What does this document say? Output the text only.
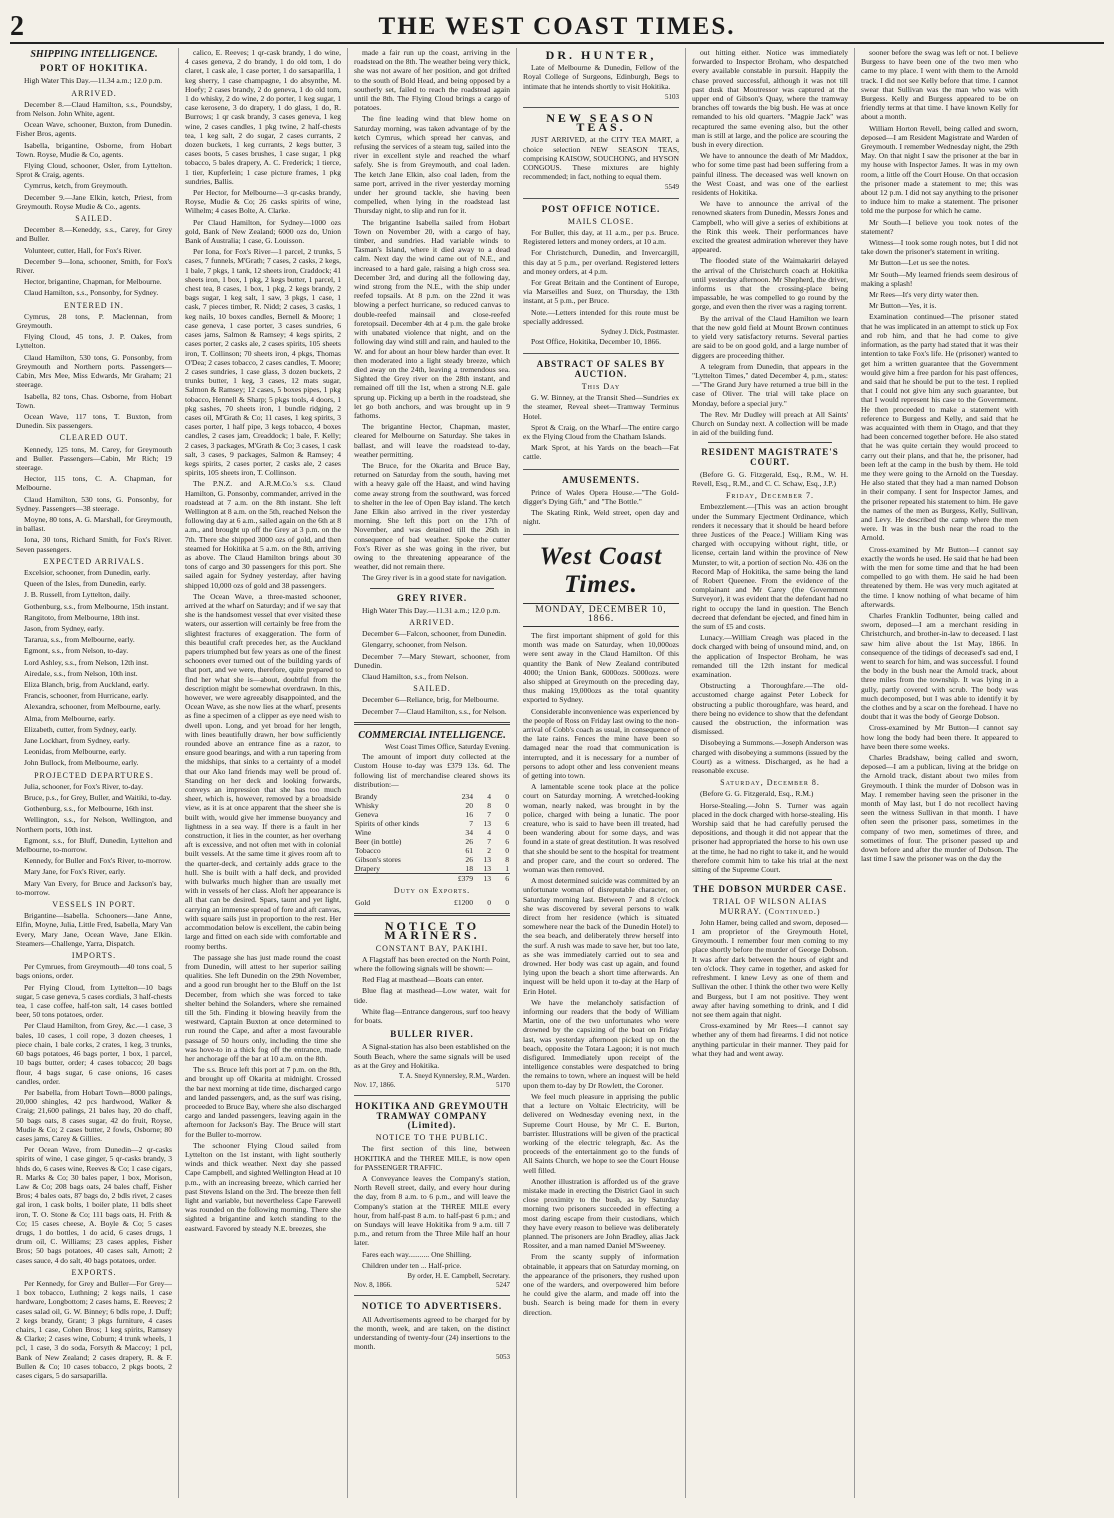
2	THE WEST COAST TIMES.
SHIPPING INTELLIGENCE.
PORT OF HOKITIKA.

High Water This Day.—11.34 a.m.; 12.0 p.m.

ARRIVED.

December 8.—Claud Hamilton, s.s., Poundsby, from Nelson. John White, agent.

Ocean Wave, schooner, Buxton, from Dunedin. Fisher Bros, agents.

Isabella, brigantine, Osborne, from Hobart Town. Royse, Mudie & Co, agents.

Flying Cloud, schooner, Osler, from Lyttelton. Sprot & Craig, agents.

Cymrrus, ketch, from Greymouth.

December 9.—Jane Elkin, ketch, Priest, from Greymouth. Royse Mudie & Co., agents.

SAILED.

December 8.—Keneddy, s.s., Carey, for Grey and Buller.

Volunteer, cutter, Hall, for Fox's River.

December 9—Iona, schooner, Smith, for Fox's River.

Hector, brigantine, Chapman, for Melbourne.

Claud Hamilton, s.s., Ponsonby, for Sydney.

ENTERED IN.

Cymrus, 28 tons, P. Maclennan, from Greymouth.

Flying Cloud, 45 tons, J. P. Oakes, from Lyttelton.

Claud Hamilton, 530 tons, G. Ponsonby, from Greymouth and Northern ports. Passengers—Cabin, Mrs Mee, Miss Edwards, Mr Graham; 21 steerage.

Isabella, 82 tons, Chas. Osborne, from Hobart Town.

Ocean Wave, 117 tons, T. Buxton, from Dunedin. Six passengers.

CLEARED OUT.

Kennedy, 125 tons, M. Carey, for Greymouth and Buller. Passengers—Cabin, Mr Rich; 19 steerage.

Hector, 115 tons, C. A. Chapman, for Melbourne.

Claud Hamilton, 530 tons, G. Ponsonby, for Sydney. Passengers—38 steerage.

Moyne, 80 tons, A. G. Marshall, for Greymouth, in ballast.

Iona, 30 tons, Richard Smith, for Fox's River. Seven passengers.

EXPECTED ARRIVALS.

Excelsior, schooner, from Dunedin, early.

Queen of the Isles, from Dunedin, early.

J. B. Russell, from Lyttelton, daily.

Gothenburg, s.s., from Melbourne, 15th instant.

Rangitoto, from Melbourne, 18th inst.

Jason, from Sydney, early.

Tararua, s.s., from Melbourne, early.

Egmont, s.s., from Nelson, to-day.

Lord Ashley, s.s., from Nelson, 12th inst.

Airedale, s.s., from Nelson, 10th inst.

Eliza Blanch, brig, from Auckland, early.

Francis, schooner, from Hurricane, early.

Alexandra, schooner, from Melbourne, early.

Alma, from Melbourne, early.

Elizabeth, cutter, from Sydney, early.

Jane Lockhart, from Sydney, early.

Leonidas, from Melbourne, early.

John Bullock, from Melbourne, early.

PROJECTED DEPARTURES.

Julia, schooner, for Fox's River, to-day.

Bruce, p.s., for Grey, Buller, and Waitiki, to-day.

Gothenburg, s.s., for Melbourne, 16th inst.

Wellington, s.s., for Nelson, Wellington, and Northern ports, 10th inst.

Egmont, s.s., for Bluff, Dunedin, Lyttelton and Melbourne, to-morrow.

Kennedy, for Buller and Fox's River, to-morrow.

Mary Jane, for Fox's River, early.

Mary Van Every, for Bruce and Jackson's bay, to-morrow.

VESSELS IN PORT.

Brigantine—Isabella. Schooners—Jane Anne, Elfin, Moyne, Julia, Little Fred, Isabella, Mary Van Every, Mary Jane, Ocean Wave, Jane Elkin. Steamers—Challenge, Yarra, Dispatch.

IMPORTS.

Per Cymrues, from Greymouth—40 tons coal, 5 bags onions, order.

Per Flying Cloud, from Lyttelton—10 bags sugar, 5 case geneva, 5 cases cordials, 3 half-chests tea, 1 case coffee, half-ton salt, 14 cases bottled beer, 50 tons potatoes, order.

Per Claud Hamilton, from Grey, &c.—1 case, 3 bales, 10 cases, 1 coil rope, 3 dozen cheeses, 1 piece chain, 1 bale corks, 2 crates, 1 keg, 3 trunks, 60 bags potatoes, 46 bags porter, 1 box, 1 parcel, 10 bags butter, order; 4 cases tobacco; 20 bags flour, 4 bags sugar, 6 case onions, 16 cases candles, order.

Per Isabella, from Hobart Town—8000 palings, 20,000 shingles, 42 pcs hardwood, Walker & Craig; 21,600 palings, 21 bales hay, 20 do chaff, 50 bags oats, 8 cases sugar, 42 do fruit, Royse, Mudie & Co; 2 cases butter, 2 fowls, Osborne; 80 cases jams, Carey & Gillies.

Per Ocean Wave, from Dunedin—2 qr-casks spirits of wine, 1 case ginger, 5 qr-casks brandy, 3 hhds do, 6 cases wine, Reeves & Co; 1 case cigars, R. Marks & Co; 30 bales paper, 1 box, Morison, Law & Co; 208 bags oats, 24 bales chaff, Fisher Bros; 4 bales oats, 87 bags do, 2 bdls rivet, 2 cases gal iron, 1 cask bolts, 1 boiler plate, 11 bdls sheet iron, T. O. Stone & Co; 111 bags oats, H. Frith & Co; 15 cases cheese, A. Boyle & Co; 5 cases drugs, 1 do bottles, 1 do acid, 6 cases drugs, 1 drum oil, C. Williams; 23 cases apples, Fisher Bros; 50 bags potatoes, 40 cases salt, Arnott; 2 cases sauce, 4 do salt, 40 bags potatoes, order.

EXPORTS.

Per Kennedy, for Grey and Buller—For Grey—1 box tobacco, Luthning; 2 kegs nails, 1 case hardware, Longbottom; 2 cases hams, E. Reeves; 2 cases salad oil, G. W. Binney; 6 bdls rope, J. Duff; 2 kegs brandy, Grant; 3 pkgs furniture, 4 cases chairs, 1 case, Cohen Bros; 1 keg spirits, Ramsey & Clarke; 2 cases wine, Coburn; 4 trunk wheels, 1 pcl, 1 case, 3 do soda, Forsyth & Maccoy; 1 pcl, Bank of New Zealand; 2 cases drapery, R. & F. Bullen & Co; 10 cases tobacco, 2 pkgs boots, 2 cases cigars, 5 do sarsaparilla.

calico, E. Reeves; 1 qr-cask brandy, 1 do wine, 4 cases geneva, 2 do brandy, 1 do old tom, 1 do claret, 1 cask ale, 1 case porter, 1 do sarsaparilla, 1 keg sherry, 1 case champagne, 1 do absynthe, M. Hoefy; 2 cases brandy, 2 do geneva, 1 do old tom, 1 do whisky, 2 do wine, 2 do porter, 1 keg sugar, 1 case kerosene, 3 do drapery, 1 do glass, 1 do, R. Burrows; 1 qr cask brandy, 3 cases geneva, 1 keg wine, 2 cases candles, 1 pkg twine, 2 half-chests tea, 1 keg salt, 2 do sugar, 2 cases currants, 2 dozen buckets, 1 keg currants, 2 kegs butter, 3 cases boots, 5 cases brushes, 1 case sugar, 1 pkg tobacco, 5 bales drapery, A. C. Frederick; 1 tierce, 1 tier, Kupferlein; 1 case picture frames, 1 pkg sundries, Ballis.

Per Hector, for Melbourne—3 qr-casks brandy, Royse, Mudie & Co; 26 casks spirits of wine, Wilhelm; 4 cases Bolte, A. Clarke.

Per Claud Hamilton, for Sydney—1000 ozs gold, Bank of New Zealand; 6000 ozs do, Union Bank of Australia; 1 case, G. Louisson.

Per Iona, for Fox's River—1 parcel, 2 trunks, 5 cases, 7 funnels, M'Grath; 7 cases, 2 casks, 2 kegs, 1 bale, 7 pkgs, 1 tank, 12 sheets iron, Craddock; 41 sheets iron, 1 box, 1 pkg, 2 kegs butter, 1 parcel, 1 chest tea, 8 cases, 1 box, 1 pkg, 2 kegs brandy, 2 bags sugar, 1 keg salt, 1 saw, 3 pkgs, 1 case, 1 cask, 7 pieces timber, R. Nidd; 2 cases, 3 casks, 1 keg nails, 10 boxes candles, Bernell & Moore; 1 case geneva, 1 case porter, 3 cases sundries, 6 cases jams, Salmon & Ramsey; 4 kegs spirits, 2 cases porter, 2 casks ale, 2 cases spirits, 105 sheets iron, T. Collinson; 70 sheets iron, 4 pkgs, Thomas O'Dea; 2 cases tobacco, 2 cases candles, T. Moore; 2 cases sundries, 1 case glass, 3 dozen buckets, 2 trunks butter, 1 keg, 3 cases, 12 mats sugar, Salmon & Ramsey; 12 cases, 5 boxes pipes, 1 pkg tobacco, Hennell & Sharp; 5 pkgs tools, 4 doors, 1 pkg sashes, 70 sheets iron, 1 bundle ridging, 2 cases oil, M'Grath & Co; 11 cases, 1 keg spirits, 3 cases porter, 1 half pipe, 3 kegs tobacco, 4 boxes candles, 2 cases jam, Creaddock; 1 bale, F. Kelly; 2 cases, 3 packages, M'Grath & Co; 3 cases, 1 cask salt, 3 cases, 9 packages, Salmon & Ramsey; 4 kegs spirits, 2 cases porter, 2 casks ale, 2 cases spirits, 105 sheets iron, T. Collinson.

The P.N.Z. and A.R.M.Co.'s s.s. Claud Hamilton, G. Ponsonby, commander, arrived in the roadstead at 7 a.m. on the 8th instant. She left Wellington at 8 a.m. on the 5th, reached Nelson the following day at 6 a.m., sailed again on the 6th at 8 a.m., and brought up off the Grey at 3 p.m. on the 7th. There she shipped 3000 ozs of gold, and then steamed for Hokitika at 5 a.m. on the 8th, arriving as above. The Claud Hamilton brings about 30 tons of cargo and 30 passengers for this port. She sailed again for Sydney yesterday, after having shipped 10,000 ozs of gold and 38 passengers.

The Ocean Wave, a three-masted schooner, arrived at the wharf on Saturday; and if we say that she is the handsomest vessel that ever visited these waters, our assertion will certainly be free from the slightest fractures of exaggeration. The form of this beautiful craft precedes her, as the Auckland papers triumphed but few years as one of the finest schooners ever turned out of the building yards of that port, and we were, therefore, quite prepared to find her what she is—about, doubtful from the description might be somewhat overdrawn. In this, however, we were agreeably disappointed, and the Ocean Wave, as she now lies at the wharf, presents as fine a specimen of a clipper as eye need wish to dwell upon. Long, and yet broad for her length, with lines beautifully drawn, her bow sufficiently rounded above an entrance fine as a razor, to ensure good bearings, and with a run tapering from the midships, that sinks to a certainty of a model that our Ako land friends may well be proud of. Standing on her deck and looking forwards, conveys an impression that she has too much sheer, which is, however, removed by a broadside view, as it is at once apparent that the sheer she is built with, would give her immense buoyancy and lightness in a sea way. If there is a fault in her construction, it lies in the counter, as her overhang aft is excessive, and not often met with in colonial built vessels. At the same time it gives room aft to the quarter-deck, and certainly adds grace to the hull. She is built with a half deck, and provided with bulwarks much higher than are usually met with in vessels of her class. Aloft her appearance is all that can be desired. Spars, taunt and yet light, carrying an immense spread of fore and aft canvas, with square sails just in proportion to the rest. Her accommodation below is excellent, the cabin being large and fitted on each side with comfortable and roomy berths.

The passage she has just made round the coast from Dunedin, will attest to her superior sailing qualities. She left Dunedin on the 29th November, and a good run brought her to the Bluff on the 1st December, from which she was forced to take shelter behind the Solanders, where she remained till the 5th. Finding it blowing heavily from the westward, Captain Buxton at once determined to run round the Cape, and after a most favourable passage of 50 hours only, including the time she was hove-to in a thick fog off the entrance, made her anchorage off the bar at 10 a.m. on the 8th.

The s.s. Bruce left this port at 7 p.m. on the 8th, and brought up off Okarita at midnight. Crossed the bar next morning at tide time, discharged cargo and landed passengers, and, as the surf was rising, proceeded to Bruce Bay, where she also discharged cargo and landed passengers, leaving again in the afternoon for Jackson's Bay. The Bruce will start for the Buller to-morrow.

The schooner Flying Cloud sailed from Lyttelton on the 1st instant, with light southerly winds and thick weather. Next day she passed Cape Campbell, and sighted Wellington Head at 10 p.m., with an increasing breeze, which carried her past Stevens Island on the 3rd. The breeze then fell light and variable, but nevertheless Cape Farewell was rounded on the following morning. There she sighted a brigantine and ketch standing to the eastward. Favored by steady N.E. breezes, she

made a fair run up the coast, arriving in the roadstead on the 8th. The weather being very thick, she was not aware of her position, and got drifted to the south of Bold Head, and being opposed by a southerly set, failed to reach the roadstead again until the 8th. The Flying Cloud brings a cargo of potatoes.

The fine leading wind that blew home on Saturday morning, was taken advantage of by the ketch Cymrus, which spread her canvas, and refusing the services of a steam tug, sailed into the river in excellent style and reached the wharf safely. She is from Greymouth, and coal laden. The ketch Jane Elkin, also coal laden, from the same port, arrived in the river yesterday morning under her ground tackle, she having been compelled, when lying in the roadstead last Thursday night, to slip and run for it.

The brigantine Isabella sailed from Hobart Town on November 20, with a cargo of hay, timber, and sundries. Had variable winds to Tasman's Island, where it died away to a dead calm. Next day the wind came out of N.E., and increased to a hard gale, raising a high cross sea. December 3rd, and during all the following day, wind strong from the N.E., with the ship under reefed topsails. At 8 p.m. on the 22nd it was blowing a perfect hurricane, so reduced canvas to double-reefed mainsail and close-reefed foretopsail. December 4th at 4 p.m. the gale broke with unabated violence that night, and on the following day wind still and rain, and hauled to the W. and for about an hour blew harder than ever. It then moderated into a light steady breeze, which died away on the 24th, leaving a tremendous sea. Sighted the Grey river on the 28th instant, and remained off till the 1st, when a strong N.E. gale sprung up. Picking up a berth in the roadstead, she let go both anchors, and was brought up in 9 fathoms.

The brigantine Hector, Chapman, master, cleared for Melbourne on Saturday. She takes in ballast, and will leave the roadstead to-day, weather permitting.

The Bruce, for the Okarita and Bruce Bay, returned on Saturday from the south, having met with a heavy gale off the Haast, and wind having come away strong from the southward, was forced to shelter in the lee of Open Bay island. The ketch Jane Elkin also arrived in the river yesterday morning. She left this port on the 17th of November, and was detained till the 26th in consequence of bad weather. Spoke the cutter Fox's River as she was going in the river, but owing to the threatening appearance of the weather, did not remain there.

The Grey river is in a good state for navigation.

GREY RIVER.

High Water This Day.—11.31 a.m.; 12.0 p.m.

ARRIVED.

December 6—Falcon, schooner, from Dunedin.

Glengarry, schooner, from Nelson.

December 7—Mary Stewart, schooner, from Dunedin.

Claud Hamilton, s.s., from Nelson.

SAILED.

December 6—Reliance, brig, for Melbourne.

December 7—Claud Hamilton, s.s., for Nelson.

COMMERCIAL INTELLIGENCE.
West Coast Times Office, Saturday Evening.

The amount of import duty collected at the Custom House to-day was £379 13s. 6d. The following list of merchandise cleared shows its distribution:—

Brandy	234	4	0
Whisky	20	8	0
Geneva	16	7	0
Spirits of other kinds	7	13	6
Wine	34	4	0
Beer (in bottle)	26	7	6
Tobacco	61	2	0
Gibson's stores	26	13	8
Drapery	18	13	1
	£379	13	6
Duty on Exports.
Gold	£1200	0	0
NOTICE TO MARINERS.
CONSTANT BAY, PAKIHI.

A Flagstaff has been erected on the North Point, where the following signals will be shown:—

Red Flag at masthead—Boats can enter.

Blue flag at masthead—Low water, wait for tide.

White flag—Entrance dangerous, surf too heavy for boats.

BULLER RIVER.

A Signal-station has also been established on the South Beach, where the same signals will be used as at the Grey and Hokitika.

T. A. Sneyd Kynnersley, R.M., Warden.
Nov. 17, 1866.	5170
HOKITIKA AND GREYMOUTH TRAMWAY COMPANY (Limited).
NOTICE TO THE PUBLIC.

The first section of this line, between HOKITIKA and the THREE MILE, is now open for PASSENGER TRAFFIC.

A Conveyance leaves the Company's station, North Revell street, daily, and every hour during the day, from 8 a.m. to 6 p.m., and will leave the Company's station at the THREE MILE every hour, from half-past 8 a.m. to half-past 6 p.m.; and on Sundays will leave Hokitika from 9 a.m. till 7 p.m., and return from the Three Mile half an hour later.

Fares each way........... One Shilling.

Children under ten ... Half-price.

By order, H. E. Campbell, Secretary.
Nov. 8, 1866.	5247
NOTICE TO ADVERTISERS.

All Advertisements agreed to be charged for by the month, week, and are taken, on the distinct understanding of twenty-four (24) insertions to the month.

5053
DR. HUNTER,

Late of Melbourne & Dunedin, Fellow of the Royal College of Surgeons, Edinburgh, Begs to intimate that he intends shortly to visit Hokitika.

5103
NEW SEASON TEAS.

JUST ARRIVED, at the CITY TEA MART, a choice selection NEW SEASON TEAS, comprising KAISOW, SOUCHONG, and HYSON CONGOUS. These mixtures are highly recommended; in fact, nothing to equal them.

5549
POST OFFICE NOTICE.
MAILS CLOSE.

For Buller, this day, at 11 a.m., per p.s. Bruce. Registered letters and money orders, at 10 a.m.

For Christchurch, Dunedin, and Invercargill, this day at 5 p.m., per overland. Registered letters and money orders, at 4 p.m.

For Great Britain and the Continent of Europe, via Marseilles and Suez, on Thursday, the 13th instant, at 5 p.m., per Bruce.

Note.—Letters intended for this route must be specially addressed.

Sydney J. Dick, Postmaster.

Post Office, Hokitika, December 10, 1866.

ABSTRACT OF SALES BY AUCTION.
This Day

G. W. Binney, at the Transit Shed—Sundries ex the steamer, Reveal sheet—Tramway Terminus Hotel.

Sprot & Craig, on the Wharf—The entire cargo ex the Flying Cloud from the Chatham Islands.

Mark Sprot, at his Yards on the beach—Fat cattle.

AMUSEMENTS.

Prince of Wales Opera House.—"The Gold-digger's Dying Gift," and "The Bottle."

The Skating Rink, Weld street, open day and night.

West Coast Times.
MONDAY, DECEMBER 10, 1866.

The first important shipment of gold for this month was made on Saturday, when 10,000ozs were sent away in the Claud Hamilton. Of this quantity the Bank of New Zealand contributed 4000; the Union Bank, 6000ozs. 5000ozs. were also shipped at Greymouth on the preceding day, thus making 19,000ozs as the total quantity exported to Sydney.

Considerable inconvenience was experienced by the people of Ross on Friday last owing to the non-arrival of Cobb's coach as usual, in consequence of the late rains. Fences the mine have been so damaged near the road that communication is interrupted, and it is necessary for a number of persons to adopt other and less convenient means of getting into town.

A lamentable scene took place at the police court on Saturday morning. A wretched-looking woman, nearly naked, was brought in by the police, charged with being a lunatic. The poor creature, who is said to have been ill treated, had been wandering about for some days, and was found in a state of great destitution. It was resolved that she should be sent to the hospital for treatment and proper care, and the court so ordered. The woman was then removed.

A most determined suicide was committed by an unfortunate woman of disreputable character, on Saturday morning last. Between 7 and 8 o'clock she was discovered by several persons to walk direct from her residence (which is situated somewhere near the back of the Dunedin Hotel) to the sea beach, and deliberately threw herself into the surf. A rush was made to save her, but too late, as she was immediately carried out to sea and drowned. Her body was cast up again, and found lying upon the beach a short time afterwards. An inquest will be held upon it to-day at the Harp of Erin Hotel.

We have the melancholy satisfaction of informing our readers that the body of William Martin, one of the two unfortunates who were drowned by the capsizing of the boat on Friday last, was yesterday afternoon picked up on the beach, opposite the Totara Lagoon; it is not much disfigured. Immediately upon receipt of the intelligence constables were despatched to bring the remains to town, where an inquest will be held upon them to-day by Dr Rowlett, the Coroner.

We feel much pleasure in apprising the public that a lecture on Voltaic Electricity, will be delivered on Wednesday evening next, in the Supreme Court House, by Mr C. E. Burton, barrister. Illustrations will be given of the practical working of the electric telegraph, &c. As the proceeds of the entertainment go to the funds of All Saints Church, we hope to see the Court House well filled.

Another illustration is afforded us of the grave mistake made in erecting the District Gaol in such close proximity to the bush, as by Saturday morning two prisoners succeeded in effecting a most daring escape from their custodians, which they have every reason to believe was deliberately planned. The prisoners are John Bradley, alias Jack Rossiter, and a man named Daniel M'Sweeney.

From the scanty supply of information obtainable, it appears that on Saturday morning, on the appearance of the prisoners, they rushed upon one of the warders, and overpowered him before he could give the alarm, and made off into the bush. Search is being made for them in every direction.

out hitting either. Notice was immediately forwarded to Inspector Broham, who despatched every available constable in pursuit. Happily the chase proved successful, although it was not till past dusk that Moutressor was captured at the upper end of Gibson's Quay, where the tramway branches off towards the big bush. He was at once remanded to his old quarters. "Magpie Jack" was recaptured the same evening also, but the other man is still at large, and the police are scouring the bush in every direction.

We have to announce the death of Mr Maddox, who for some time past had been suffering from a painful illness. The deceased was well known on the West Coast, and was one of the earliest residents of Hokitika.

We have to announce the arrival of the renowned skaters from Dunedin, Messrs Jones and Campbell, who will give a series of exhibitions at the Rink this week. Their performances have excited the greatest admiration wherever they have appeared.

The flooded state of the Waimakariri delayed the arrival of the Christchurch coach at Hokitika until yesterday afternoon. Mr Shepherd, the driver, informs us that the crossing-place being impassable, he was compelled to go round by the gorge, and even then the river was a raging torrent.

By the arrival of the Claud Hamilton we learn that the new gold field at Mount Brown continues to yield very satisfactory returns. Several parties are said to be on good gold, and a large number of diggers are proceeding thither.

A telegram from Dunedin, that appears in the "Lyttelton Times," dated December 4, p.m., states:—"The Grand Jury have returned a true bill in the case of Oliver. The trial will take place on Monday, before a special jury."

The Rev. Mr Dudley will preach at All Saints' Church on Sunday next. A collection will be made in aid of the building fund.

RESIDENT MAGISTRATE'S COURT.

(Before G. G. Fitzgerald, Esq., R.M., W. H. Revell, Esq., R.M., and C. C. Schaw, Esq., J.P.)

Friday, December 7.

Embezzlement.—[This was an action brought under the Summary Ejectment Ordinance, which renders it necessary that it should be heard before three Justices of the Peace.] William King was charged with occupying without right, title, or license, certain land within the province of New Munster, to wit, a portion of section No. 436 on the Record Map of Hokitika, the same being the land of Robert Queenee. From the evidence of the complainant and Mr Carey (the Government Surveyor), it was evident that the defendant had no right to occupy the land in question. The Bench decreed that defendant be ejected, and fined him in the sum of £5 and costs.

Lunacy.—William Creagh was placed in the dock charged with being of unsound mind, and, on the application of Inspector Broham, he was remanded till the 12th instant for medical examination.

Obstructing a Thoroughfare.—The old-accustomed charge against Peter Lobeck for obstructing a public thoroughfare, was heard, and there being no evidence to show that the defendant caused the obstruction, the information was dismissed.

Disobeying a Summons.—Joseph Anderson was charged with disobeying a summons (issued by the Court) as a witness. Discharged, as he had a reasonable excuse.

Saturday, December 8.

(Before G. G. Fitzgerald, Esq., R.M.)

Horse-Stealing.—John S. Turner was again placed in the dock charged with horse-stealing. His Worship said that he had carefully perused the depositions, and though it did not appear that the prisoner had appropriated the horse to his own use at the time, he had no right to take it, and he would therefore commit him to take his trial at the next sitting of the Supreme Court.

THE DOBSON MURDER CASE.
TRIAL OF WILSON ALIAS MURRAY. (Continued.)

John Hamer, being called and sworn, deposed—I am proprietor of the Greymouth Hotel, Greymouth. I remember four men coming to my place shortly before the murder of George Dobson. It was after dark between the hours of eight and ten o'clock. They came in together, and asked for refreshment. I knew Levy as one of them and Sullivan the other. I think the other two were Kelly and Burgess, but I am not positive. They went away after having something to drink, and I did not see them again that night.

Cross-examined by Mr Rees—I cannot say whether any of them had firearms. I did not notice anything particular in their manner. They paid for what they had and went away.

sooner before the swag was left or not. I believe Burgess to have been one of the two men who came to my place. I went with them to the Arnold track. I did not see Kelly before that time. I cannot swear that Sullivan was the man who was with Burgess. Kelly and Burgess appeared to be on friendly terms at that time. I have known Kelly for about a month.

William Horton Revell, being called and sworn, deposed—I am Resident Magistrate and Warden of Greymouth. I remember Wednesday night, the 29th May. On that night I saw the prisoner at the bar in my house with Inspector James. It was in my own room, a little off the Court House. On that occasion the prisoner made a statement to me; this was about 12 p.m. I did not say anything to the prisoner to induce him to make a statement. The prisoner told me the purpose for which he came.

Mr South—I believe you took notes of the statement?

Witness—I took some rough notes, but I did not take down the prisoner's statement in writing.

Mr Button—Let us see the notes.

Mr South—My learned friends seem desirous of making a splash!

Mr Rees—It's very dirty water then.

Mr Button—Yes, it is.

Examination continued—The prisoner stated that he was implicated in an attempt to stick up Fox and rob him, and that he had come to give information, as the party had stated that it was their intention to take Fox's life. He (prisoner) wanted to get him a written guarantee that the Government would give him a free pardon for his past offences, and said that he should be put to the test. I replied that I could not give him any such guarantee, but that I would represent his case to the Government. He then proceeded to make a statement with reference to Burgess and Kelly, and said that he was acquainted with them in Otago, and that they had been concerned together before. He also stated that he was quite certain they would proceed to carry out their plans, and that he, the prisoner, had been left at the camp in the bush by them. He told me they were going to the Arnold on the Tuesday. He also stated that they had a man named Dobson in their company. I sent for Inspector James, and the prisoner repeated his statement to him. He gave the names of the men as Burgess, Kelly, Sullivan, and Levy. He described the camp where the men were. It was in the bush near the road to the Arnold.

Cross-examined by Mr Button—I cannot say exactly the words he used. He said that he had been with the men for some time and that he had been compelled to go with them. He said he had been threatened by them. He was very much agitated at the time. I know nothing of what became of him afterwards.

Charles Franklin Todhunter, being called and sworn, deposed—I am a merchant residing in Christchurch, and brother-in-law to deceased. I last saw him alive about the 1st May, 1866. In consequence of the tidings of deceased's sad end, I went to search for him, and was successful. I found the body in the bush near the Arnold track, about three miles from the township. It was lying in a gully, partly covered with scrub. The body was much decomposed, but I was able to identify it by the clothes and by a scar on the forehead. I have no doubt that it was the body of George Dobson.

Cross-examined by Mr Button—I cannot say how long the body had been there. It appeared to have been there some weeks.

Charles Bradshaw, being called and sworn, deposed—I am a publican, living at the bridge on the Arnold track, distant about two miles from Greymouth. I think the murder of Dobson was in May. I remember having seen the prisoner in the month of May last, but I do not recollect having seen the witness Sullivan in that month. I have often seen the prisoner pass, sometimes in the company of two men, sometimes of three, and sometimes of four. The prisoner passed up and down before and after the murder of Dobson. The last time I saw the prisoner was on the day the
